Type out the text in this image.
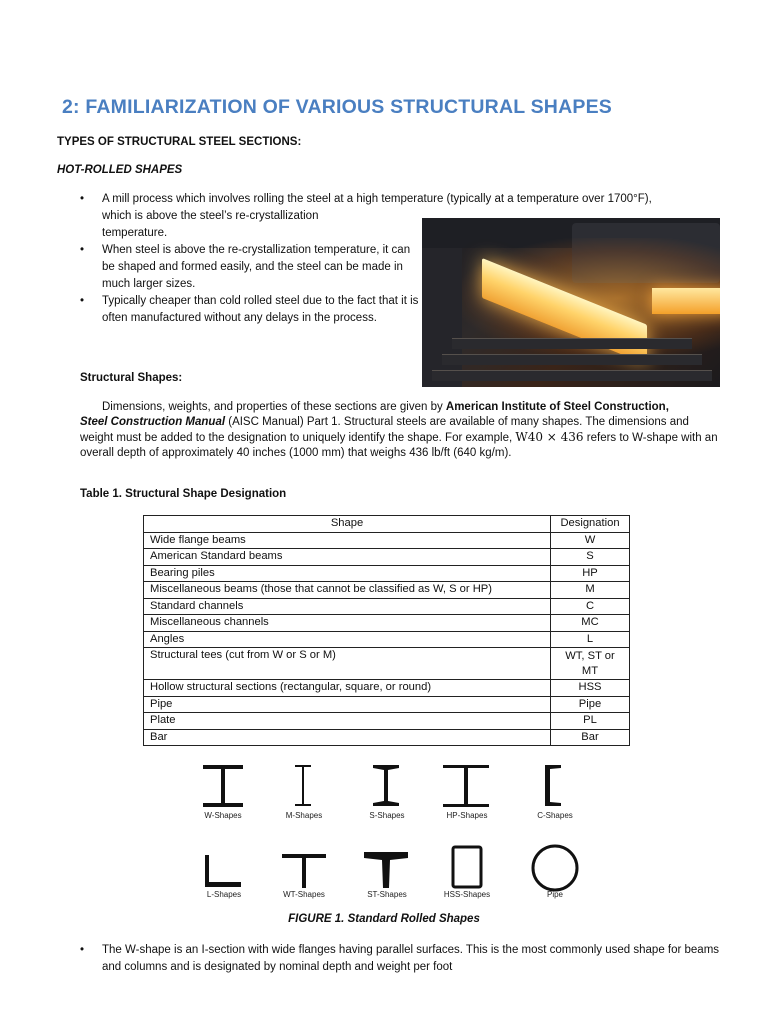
2: FAMILIARIZATION OF VARIOUS STRUCTURAL SHAPES
TYPES OF STRUCTURAL STEEL SECTIONS:
HOT-ROLLED SHAPES
• A mill process which involves rolling the steel at a high temperature (typically at a temperature over 1700°F),
which is above the steel’s re-crystallization
temperature.
• When steel is above the re-crystallization temperature, it can be shaped and formed easily, and the steel can be made in much larger sizes.
• Typically cheaper than cold rolled steel due to the fact that it is often manufactured without any delays in the process.
Structural Shapes:

Dimensions, weights, and properties of these sections are given by American Institute of Steel Construction,

Steel Construction Manual (AISC Manual) Part 1. Structural steels are available of many shapes. The dimensions and weight must be added to the designation to uniquely identify the shape. For example, W40 × 436 refers to W-shape with an overall depth of approximately 40 inches (1000 mm) that weighs 436 lb/ft (640 kg/m).

Table 1. Structural Shape Designation
Shape	Designation
Wide flange beams	W
American Standard beams	S
Bearing piles	HP
Miscellaneous beams (those that cannot be classified as W, S or HP)	M
Standard channels	C
Miscellaneous channels	MC
Angles	L
Structural tees (cut from W or S or M)	WT, ST or MT

Hollow structural sections (rectangular, square, or round)	HSS
Pipe	Pipe
Plate	PL
Bar	Bar
W-Shapes	M-Shapes	S-Shapes	HP-Shapes	C-Shapes
L-Shapes	WT-Shapes	ST-Shapes	HSS-Shapes	Pipe
FIGURE 1. Standard Rolled Shapes
• The W-shape is an I-section with wide flanges having parallel surfaces. This is the most commonly used shape for beams and columns and is designated by nominal depth and weight per foot
